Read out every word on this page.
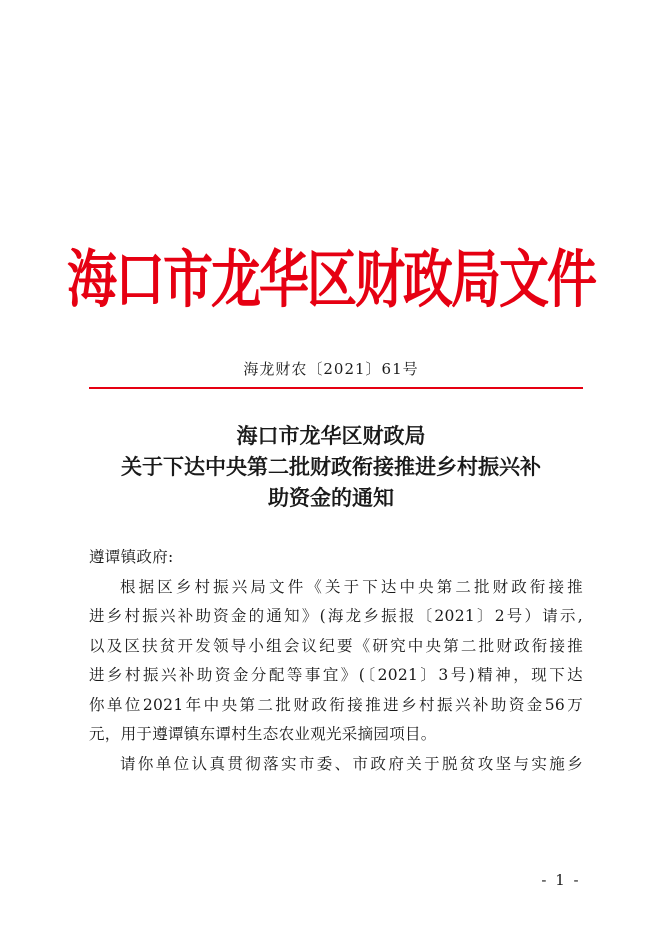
海口市龙华区财政局文件
海龙财农〔2021〕61号
海口市龙华区财政局
关于下达中央第二批财政衔接推进乡村振兴补
助资金的通知
遵谭镇政府:
根据区乡村振兴局文件《关于下达中央第二批财政衔接推
进乡村振兴补助资金的通知》(海龙乡振报〔2021〕2号）请示,
以及区扶贫开发领导小组会议纪要《研究中央第二批财政衔接推
进乡村振兴补助资金分配等事宜》(〔2021〕3号)精神，现下达
你单位2021年中央第二批财政衔接推进乡村振兴补助资金56万
元，用于遵谭镇东谭村生态农业观光采摘园项目。
请你单位认真贯彻落实市委、市政府关于脱贫攻坚与实施乡
- 1 -
